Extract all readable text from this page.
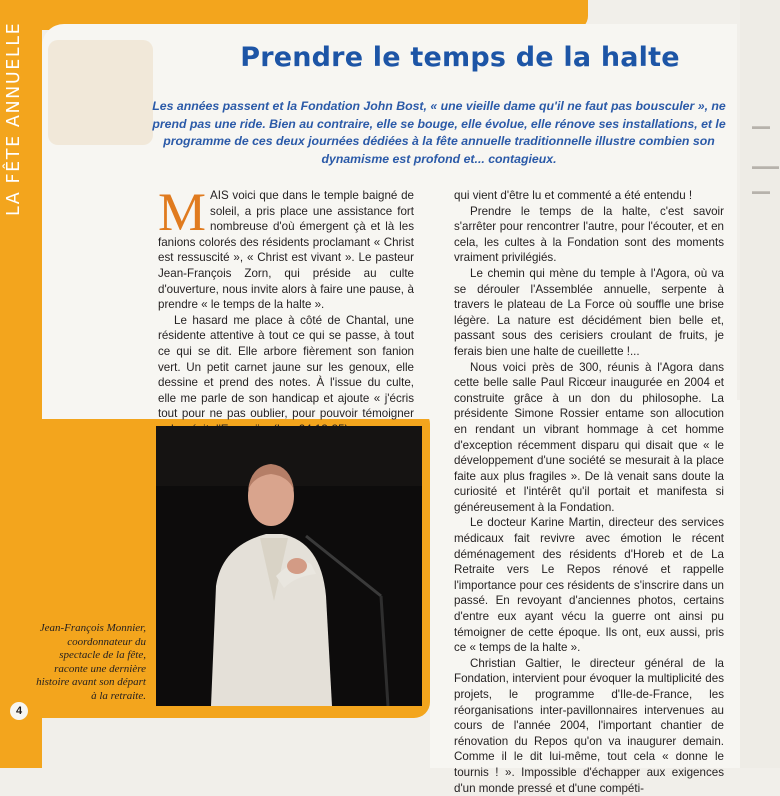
▬▬
▬▬▬
▬▬
LA FÊTE ANNUELLE	Prendre le temps de la halte

Les années passent et la Fondation John Bost, « une vieille dame qu'il ne faut pas bousculer », ne prend pas une ride. Bien au contraire, elle se bouge, elle évolue, elle rénove ses installations, et le programme de ces deux journées dédiées à la fête annuelle traditionnelle illustre combien son dynamisme est profond et... contagieux.

MAIS voici que dans le temple baigné de soleil, a pris place une assistance fort nombreuse d'où émergent çà et là les fanions colorés des résidents proclamant « Christ est ressuscité », « Christ est vivant ». Le pasteur Jean-François Zorn, qui préside au culte d'ouverture, nous invite alors à faire une pause, à prendre « le temps de la halte ».

Le hasard me place à côté de Chantal, une résidente attentive à tout ce qui se passe, à tout ce qui se dit. Elle arbore fièrement son fanion vert. Un petit carnet jaune sur les genoux, elle dessine et prend des notes. À l'issue du culte, elle me parle de son handicap et ajoute « j'écris tout pour ne pas oublier, pour pouvoir témoigner

qui vient d'être lu et commenté a été entendu !

Prendre le temps de la halte, c'est savoir s'arrêter pour rencontrer l'autre, pour l'écouter, et en cela, les cultes à la Fondation sont des moments vraiment privilégiés.

Le chemin qui mène du temple à l'Agora, où va se dérouler l'Assemblée annuelle, serpente à travers le plateau de La Force où souffle une brise légère. La nature est décidément bien belle et, passant sous des cerisiers croulant de fruits, je ferais bien une halte de cueillette !...

Nous voici près de 300, réunis à l'Agora dans cette belle salle Paul Ricœur inaugurée en 2004 et construite grâce à un don du philosophe. La présidente Simone Rossier entame son allocution en rendant un vibrant hommage à cet homme d'exception récemment disparu qui disait que « le développement d'une société se mesurait à la place faite aux plus fragiles ». De là venait sans doute la curiosité et l'intérêt qu'il portait et manifesta si généreusement à la Fondation.

Le docteur Karine Martin, directeur des services médicaux fait revivre avec émotion le récent déménagement des résidents d'Horeb et de La Retraite vers Le Repos rénové et rappelle l'importance pour ces résidents de s'inscrire dans un passé. En revoyant d'anciennes photos, certains d'entre eux ayant vécu la guerre ont ainsi pu témoigner de cette époque. Ils ont, eux aussi, pris ce « temps de la halte ».

Christian Galtier, le directeur général de la Fondation, intervient pour évoquer la multiplicité des projets, le programme d'Ile-de-France, les réorganisations inter-pavillonnaires intervenues au cours de l'année 2004, l'important chantier de rénovation du Repos qu'on va inaugurer demain. Comme il le dit lui-même, tout cela « donne le tournis ! ». Impossible d'échapper aux exigences d'un monde pressé et d'une compéti-

Jean-François Monnier, coordonnateur du spectacle de la fête, raconte une dernière histoire avant son départ à la retraite.

4
